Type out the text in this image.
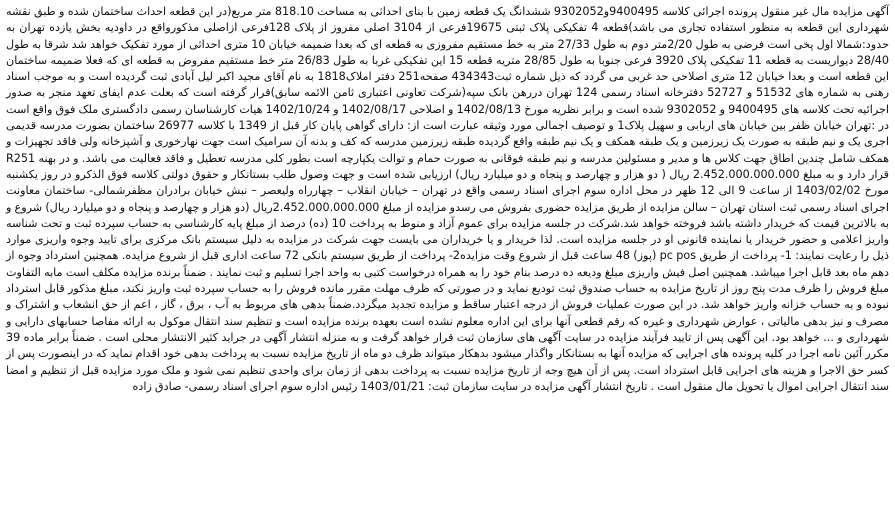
آگهی مزایده مال غیر منقول پرونده اجرائی کلاسه 9400495و9302052 ششدانگ یک قطعه زمین با بنای احداثی به مساحت 818.10 متر مربع(در این قطعه احداث ساختمان شده و طبق نقشه شهرداری این قطعه به منظور استفاده تجاری می باشد)قطعه 4 تفکیکی پلاک ثبتی 19675فرعی از 3104 اصلی مفروز از پلاک 128فرعی ازاصلی مذکورواقع در داودیه بخش یازده تهران به حدود:شمالا اول پخی است فرضی به طول 2/20متر دوم به طول 27/33 متر به خط مستقیم مفروزی به قطعه ای که بعدا ضمیمه خیابان 10 متری احداثی از مورد تفکیک خواهد شد شرقا به طول 28/40 دیواریست به قطعه 11 تفکیکی پلاک 3920 فرعی جنوبا به طول 28/85 متریه قطعه 15 این تفکیکی غربا به طول 26/83 متر خط مستقیم مفروض به قطعه ای که فعلا ضمیمه ساختمان این قطعه است و بعدا خیابان 12 متری اصلاحی حد غربی می گردد که ذیل شماره ثبت434343 صفحه251 دفتر املاک1818 به نام آقای مجید اکبر لیل آبادی ثبت گردیده است و به موجب اسناد رهنی به شماره های 51532 و 52727 دفترخانه اسناد رسمی 124 تهران دررهن بانک سپه(شرکت تعاونی اعتباری ثامن الائمه سابق)قرار گرفته است که بعلت عدم ایفای تعهد منجر به صدور اجرائیه تحت کلاسه های 9400495 و 9302052 شده است و برابر نظریه مورخ 1402/08/13 و اصلاحی 1402/08/17 و 1402/10/24 هیات کارشناسان رسمی دادگستری ملک فوق واقع است در :تهران خیابان ظفر بین خیابان های اربابی و سهیل پلاک1 و توصیف اجمالی مورد وثیقه عبارت است از: دارای گواهی پایان کار قبل از 1349 با کلاسه 26977 ساختمان بصورت مدرسه قدیمی اجری یک و نیم طبقه به صورت یک زیرزمین و یک طبقه همکف و یک نیم طبقه واقع گردیده طبقه زیرزمین مدرسه که کف و بدنه آن سرامیک است جهت نهارخوری و آشپزخانه ولی فاقد تجهیزات و همکف شامل چندین اطاق جهت کلاس ها و مدیر و مسئولین مدرسه و نیم طبقه فوقانی به صورت حمام و توالت یکپارچه است بطور کلی مدرسه تعطیل و فاقد فعالیت می باشد. و در بهنه R251 قرار دارد و به مبلغ 2.452.000.000.000 ریال ( دو هزار و چهارصد و پنجاه و دو میلیارد ریال) ارزیابی شده است و جهت وصول طلب بستانکار و حقوق دولتی کلاسه فوق الذکرو در روز یکشنبه مورخ 1403/02/02 از ساعت 9 الی 12 ظهر در محل اداره سوم اجرای اسناد رسمی واقع در تهران – خیابان انقلاب – چهارراه ولیعصر – نبش خیابان برادران مظفرشمالی- ساختمان معاونت اجرای اسناد رسمی ثبت استان تهران – سالن مزایده از طریق مزایده حضوری بفروش می رسدو مزایده از مبلغ 2.452.000.000.000ریال (دو هزار و چهارصد و پنجاه و دو میلیارد ریال) شروع و به بالاترین قیمت که خریدار داشته باشد فروخته خواهد شد.شرکت در جلسه مزایده برای عموم آزاد و منوط به پرداخت 10 (ده) درصد از مبلغ پایه کارشناسی به حساب سپرده ثبت و تحت شناسه واریز اعلامی و حضور خریدار یا نماینده قانونی او در جلسه مزایده است. لذا خریدار و یا خریداران می بایست جهت شرکت در مزایده به دلیل سیستم بانک مرکزی برای تایید وجوه واریزی موارد ذیل را رعایت نمایند: 1- پرداخت از طریق pc pos (پوز) 48 ساعت قبل از شروع وقت مزایده2- پرداخت از طریق سیستم بانکی 72 ساعت اداری قبل از شروع مزایده. همچنین استرداد وجوه از دهم ماه بعد قابل اجرا میباشد. همچنین اصل فیش واریزی مبلغ ودیعه ده درصد بنام خود را به همراه درخواست کتبی به واحد اجرا تسلیم و ثبت نمایند . ضمناً برنده مزایده مکلف است مابه التفاوت مبلغ فروش را ظرف مدت پنج روز از تاریخ مزایده به حساب صندوق ثبت تودیع نماید و در صورتی که ظرف مهلت مقرر مانده فروش را به حساب سپرده ثبت واریز نکند، مبلغ مذکور قابل استرداد نبوده و به حساب خزانه واریز خواهد شد. در این صورت عملیات فروش از درجه اعتبار ساقط و مزایده تجدید میگردد.ضمناً بدهی های مربوط به آب ، برق ، گاز ، اعم از حق انشعاب و اشتراک و مصرف و نیز بدهی مالیاتی ، عوارض شهرداری و غیره که رقم قطعی آنها برای این اداره معلوم نشده است بعهده برنده مزایده است و تنظیم سند انتقال موکول به ارائه مفاصا حسابهای دارایی و شهرداری و ... خواهد بود. این آگهی پس از تایید فرآیند مزایده در سایت آگهی های سازمان ثبت قرار خواهد گرفت و به منزله انتشار آگهی در جراید کثیر الانتشار محلی است . ضمناً برابر ماده 39 مکرر آئین نامه اجرا در کلیه پرونده های اجرایی که مزایده آنها به بستانکار واگذار میشود بدهکار میتواند ظرف دو ماه از تاریخ مزایده نسبت به پرداخت بدهی خود اقدام نماید که در اینصورت پس از کسر حق الاجرا و هزینه های اجرایی قابل استرداد است. پس از آن هیچ وجه از تاریخ مزایده نسبت به پرداخت بدهی از زمان برای واحدی تنظیم نمی شود و ملک مورد مزایده قبل از تنظیم و امضا سند انتقال اجرایی اموال یا تحویل مال منقول است . تاریخ انتشار آگهی مزایده در سایت سازمان ثبت: 1403/01/21 رئیس اداره سوم اجرای اسناد رسمی- صادق زاده
